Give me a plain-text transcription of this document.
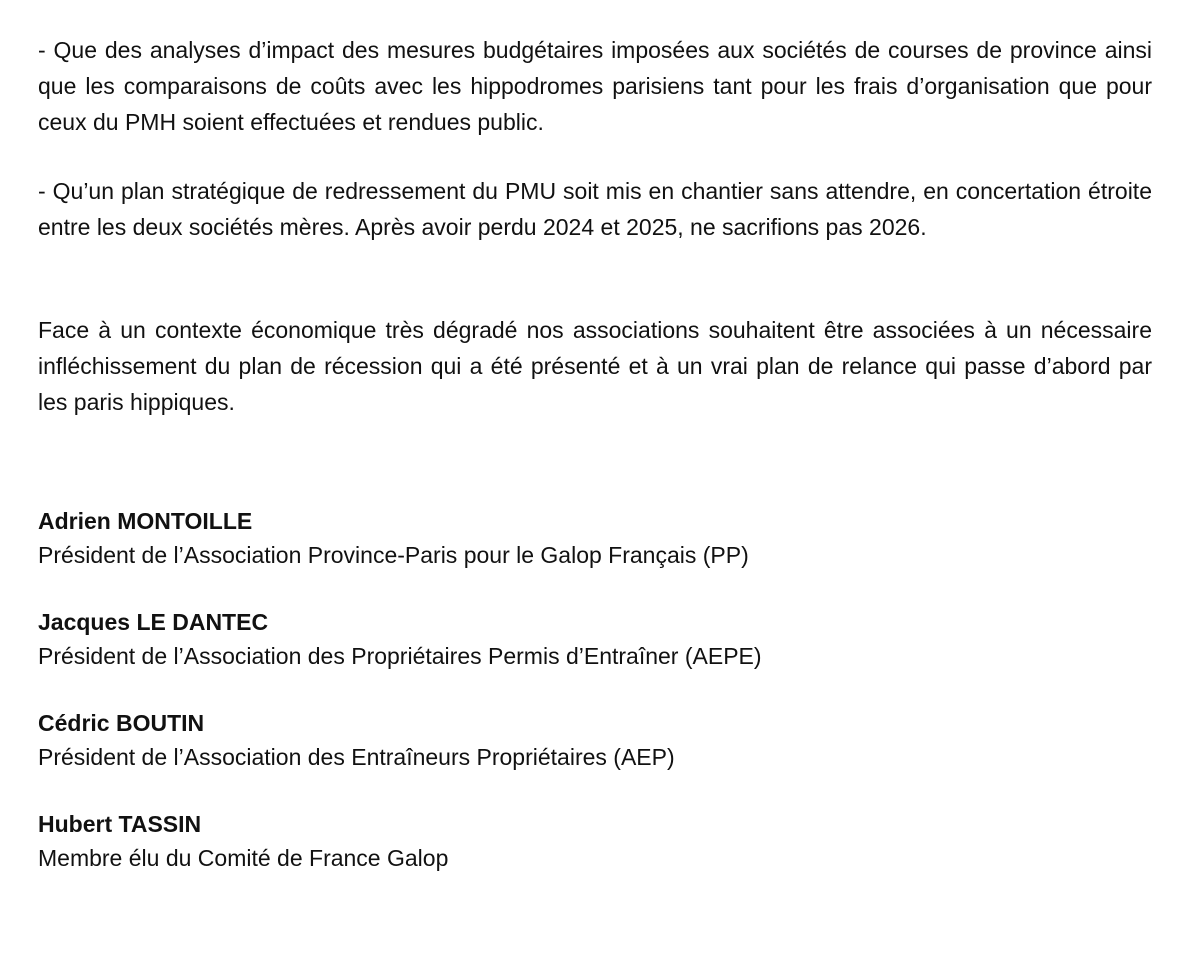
- Que des analyses d’impact des mesures budgétaires imposées aux sociétés de courses de province ainsi que les comparaisons de coûts avec les hippodromes parisiens tant pour les frais d’organisation que pour ceux du PMH soient effectuées et rendues public.

- Qu’un plan stratégique de redressement du PMU soit mis en chantier sans attendre, en concertation étroite entre les deux sociétés mères. Après avoir perdu 2024 et 2025, ne sacrifions pas 2026.

Face à un contexte économique très dégradé nos associations souhaitent être associées à un nécessaire infléchissement du plan de récession qui a été présenté et à un vrai plan de relance qui passe d’abord par les paris hippiques.

Adrien MONTOILLE
Président de l’Association Province-Paris pour le Galop Français (PP)
Jacques LE DANTEC
Président de l’Association des Propriétaires Permis d’Entraîner (AEPE)
Cédric BOUTIN
Président de l’Association des Entraîneurs Propriétaires (AEP)
Hubert TASSIN
Membre élu du Comité de France Galop
